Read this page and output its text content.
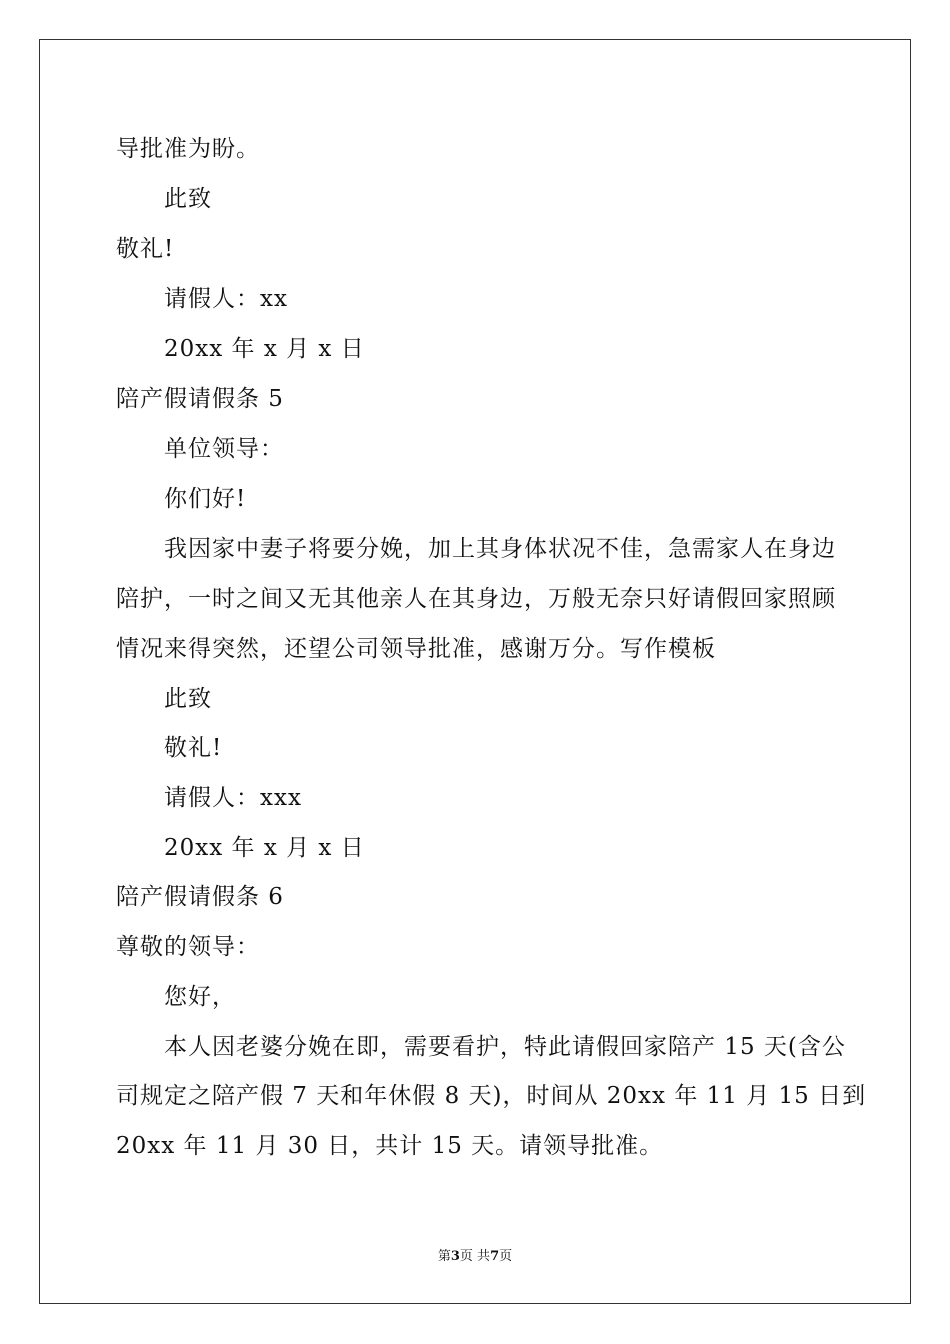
导批准为盼。
此致
敬礼!
请假人：xx
20xx 年 x 月 x 日
陪产假请假条 5
单位领导：
你们好!
我因家中妻子将要分娩，加上其身体状况不佳，急需家人在身边
陪护，一时之间又无其他亲人在其身边，万般无奈只好请假回家照顾
情况来得突然，还望公司领导批准，感谢万分。写作模板
此致
敬礼!
请假人：xxx
20xx 年 x 月 x 日
陪产假请假条 6
尊敬的领导：
您好，
本人因老婆分娩在即，需要看护，特此请假回家陪产 15 天(含公
司规定之陪产假 7 天和年休假 8 天)，时间从 20xx 年 11 月 15 日到
20xx 年 11 月 30 日，共计 15 天。请领导批准。
第3页 共7页
